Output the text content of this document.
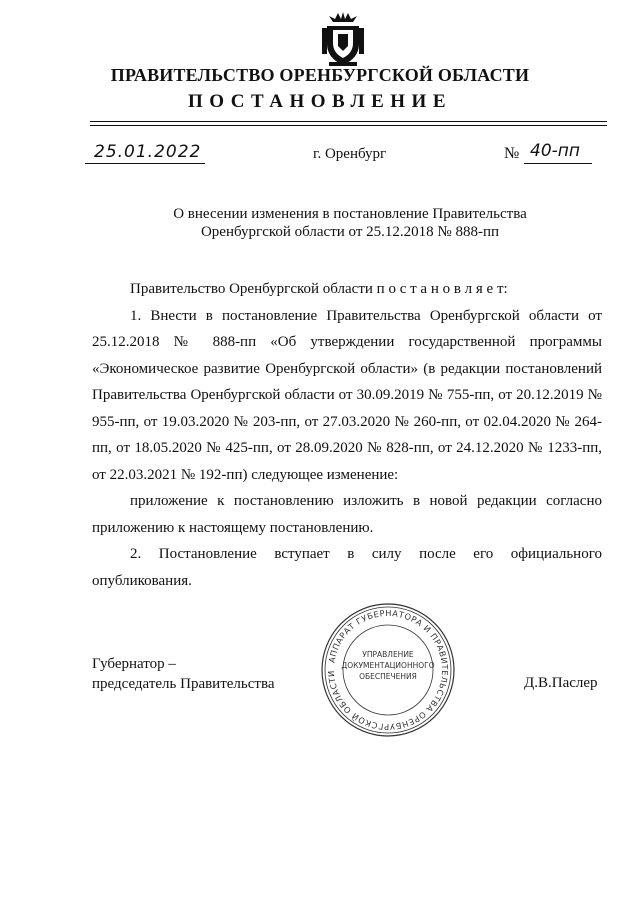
ПРАВИТЕЛЬСТВО ОРЕНБУРГСКОЙ ОБЛАСТИ
ПОСТАНОВЛЕНИЕ
25.01.2022	г. Оренбург	№ 40-пп
О внесении изменения в постановление Правительства
Оренбургской области от 25.12.2018 № 888-пп

Правительство Оренбургской области п о с т а н о в л я е т:

1. Внести в постановление Правительства Оренбургской области от 25.12.2018 № 888-пп «Об утверждении государственной программы «Экономическое развитие Оренбургской области» (в редакции постановлений Правительства Оренбургской области от 30.09.2019 № 755-пп, от 20.12.2019 № 955-пп, от 19.03.2020 № 203-пп, от 27.03.2020 № 260-пп, от 02.04.2020 № 264-пп, от 18.05.2020 № 425-пп, от 28.09.2020 № 828-пп, от 24.12.2020 № 1233-пп, от 22.03.2021 № 192-пп) следующее изменение:

приложение к постановлению изложить в новой редакции согласно приложению к настоящему постановлению.

2. Постановление вступает в силу после его официального опубликования.

Губернатор –
председатель Правительства	Д.В.Паслер
АППАРАТ ГУБЕРНАТОРА И ПРАВИТЕЛЬСТВА ОРЕНБУРГСКОЙ ОБЛАСТИ
УПРАВЛЕНИЕ
ДОКУМЕНТАЦИОННОГО
ОБЕСПЕЧЕНИЯ
